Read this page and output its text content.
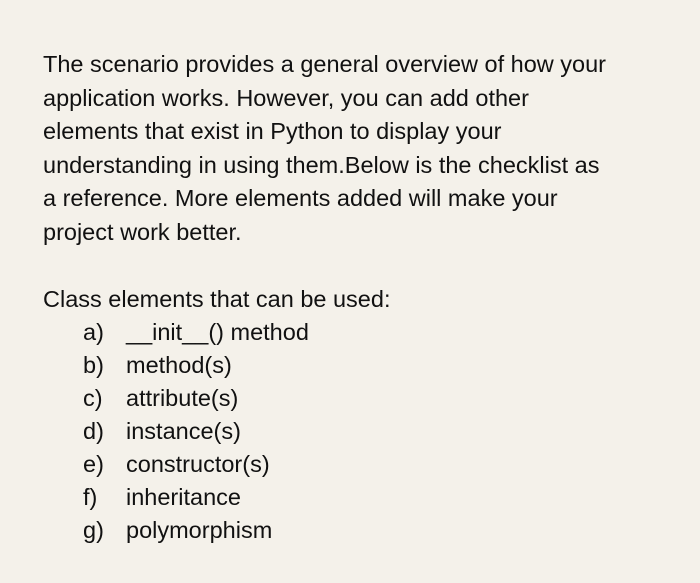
The scenario provides a general overview of how your
application works. However, you can add other
elements that exist in Python to display your
understanding in using them.Below is the checklist as
a reference. More elements added will make your
project work better.
Class elements that can be used:
a) __init__() method
b) method(s)
c) attribute(s)
d) instance(s)
e) constructor(s)
f) inheritance
g) polymorphism
